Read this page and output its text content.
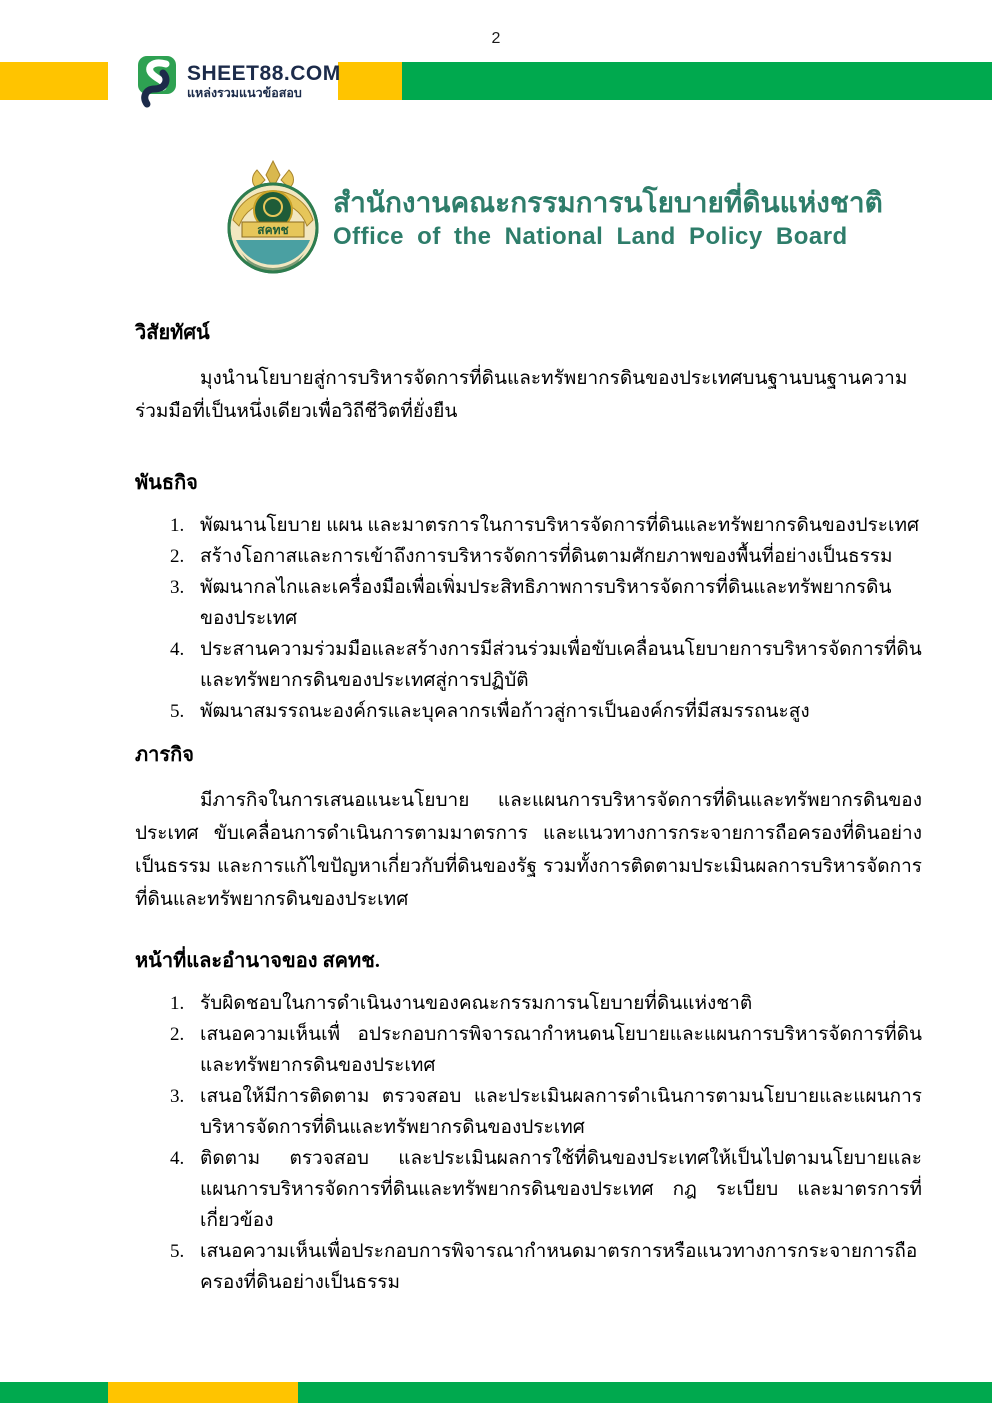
2
SHEET88.COM
แหล่งรวมแนวข้อสอบ
สคทช
สำนักงานคณะกรรมการนโยบายที่ดินแห่งชาติ
Office of the National Land Policy Board
วิสัยทัศน์
มุงนำนโยบายสู่การบริหารจัดการที่ดินและทรัพยากรดินของประเทศบนฐานบนฐานความร่วมมือที่เป็นหนึ่งเดียวเพื่อวิถีชีวิตที่ยั่งยืน
พันธกิจ
1. พัฒนานโยบาย แผน และมาตรการในการบริหารจัดการที่ดินและทรัพยากรดินของประเทศ
2. สร้างโอกาสและการเข้าถึงการบริหารจัดการที่ดินตามศักยภาพของพื้นที่อย่างเป็นธรรม
3. พัฒนากลไกและเครื่องมือเพื่อเพิ่มประสิทธิภาพการบริหารจัดการที่ดินและทรัพยากรดินของประเทศ
4. ประสานความร่วมมือและสร้างการมีส่วนร่วมเพื่อขับเคลื่อนนโยบายการบริหารจัดการที่ดินและทรัพยากรดินของประเทศสู่การปฏิบัติ
5. พัฒนาสมรรถนะองค์กรและบุคลากรเพื่อก้าวสู่การเป็นองค์กรที่มีสมรรถนะสูง
ภารกิจ
มีภารกิจในการเสนอแนะนโยบาย และแผนการบริหารจัดการที่ดินและทรัพยากรดินของประเทศ ขับเคลื่อนการดำเนินการตามมาตรการ และแนวทางการกระจายการถือครองที่ดินอย่างเป็นธรรม และการแก้ไขปัญหาเกี่ยวกับที่ดินของรัฐ รวมทั้งการติดตามประเมินผลการบริหารจัดการที่ดินและทรัพยากรดินของประเทศ
หน้าที่และอำนาจของ สคทช.
1. รับผิดชอบในการดำเนินงานของคณะกรรมการนโยบายที่ดินแห่งชาติ
2. เสนอความเห็นเพื่ อประกอบการพิจารณากำหนดนโยบายและแผนการบริหารจัดการที่ดินและทรัพยากรดินของประเทศ
3. เสนอให้มีการติดตาม ตรวจสอบ และประเมินผลการดำเนินการตามนโยบายและแผนการบริหารจัดการที่ดินและทรัพยากรดินของประเทศ
4. ติดตาม ตรวจสอบ และประเมินผลการใช้ที่ดินของประเทศให้เป็นไปตามนโยบายและแผนการบริหารจัดการที่ดินและทรัพยากรดินของประเทศ กฎ ระเบียบ และมาตรการที่เกี่ยวข้อง
5. เสนอความเห็นเพื่อประกอบการพิจารณากำหนดมาตรการหรือแนวทางการกระจายการถือครองที่ดินอย่างเป็นธรรม
